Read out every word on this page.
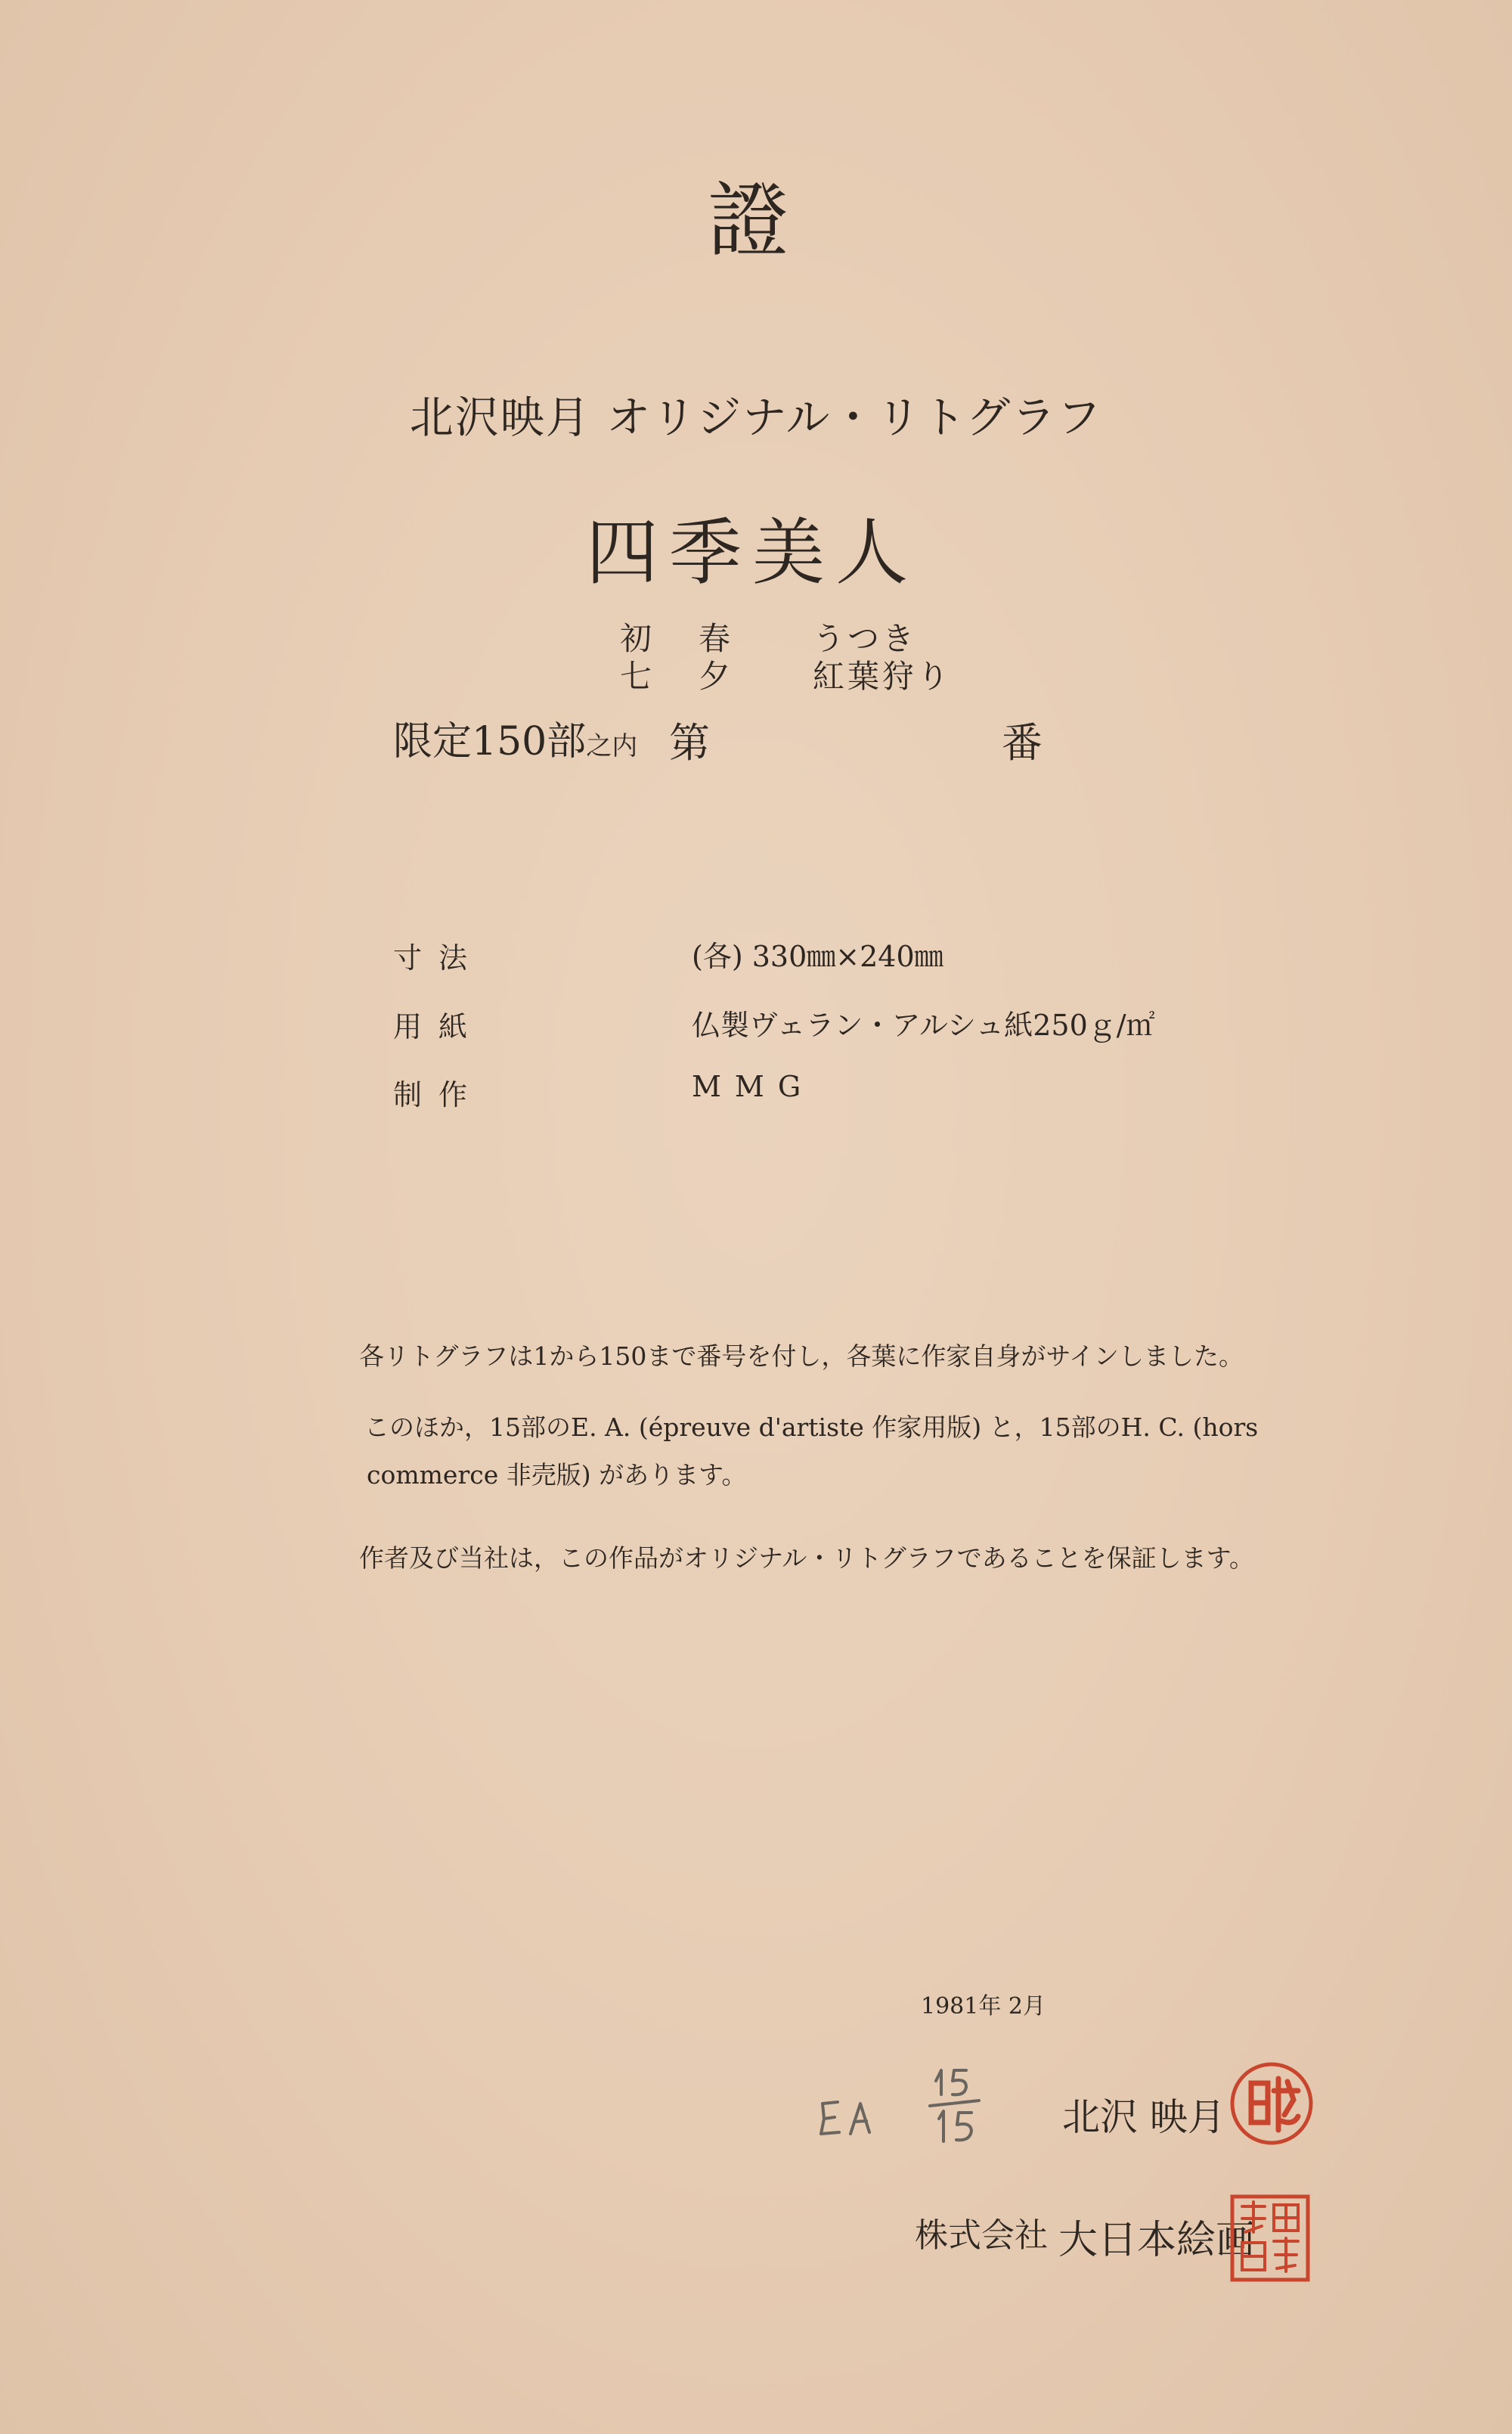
證
北沢映月 オリジナル・リトグラフ
四季美人
初 春	うつき
七 夕	紅葉狩り
限定150部之内 第	番
寸法	(各) 330㎜×240㎜
用紙	仏製ヴェラン・アルシュ紙250ｇ/㎡
制作	MMG
各リトグラフは1から150まで番号を付し，各葉に作家自身がサインしました。
このほか，15部のE. A. (épreuve d'artiste 作家用版) と，15部のH. C. (hors
commerce 非売版) があります。
作者及び当社は，この作品がオリジナル・リトグラフであることを保証します。
1981年 2月
北沢 映月
株式会社 大日本絵画
